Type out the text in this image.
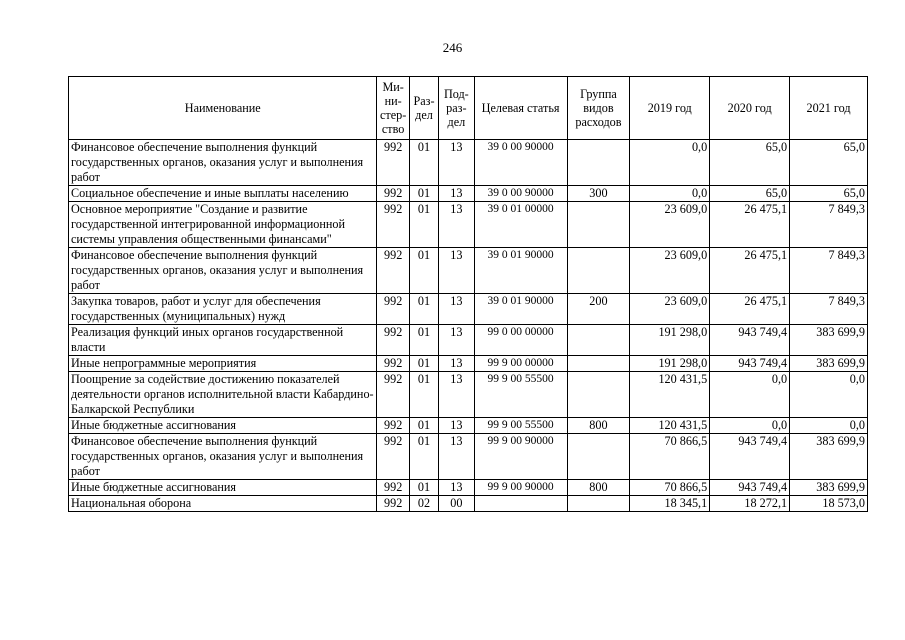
246
Наименование	Ми-ни-стер-ство	Раз-дел	Под-раз-дел	Целевая статья	Группа видов расходов	2019 год	2020 год	2021 год
Финансовое обеспечение выполнения функций государственных органов, оказания услуг и выполнения работ	992	01	13	39 0 00 90000		0,0	65,0	65,0
Социальное обеспечение и иные выплаты населению	992	01	13	39 0 00 90000	300	0,0	65,0	65,0
Основное мероприятие "Создание и развитие государственной интегрированной информационной системы управления общественными финансами"	992	01	13	39 0 01 00000		23 609,0	26 475,1	7 849,3
Финансовое обеспечение выполнения функций государственных органов, оказания услуг и выполнения работ	992	01	13	39 0 01 90000		23 609,0	26 475,1	7 849,3
Закупка товаров, работ и услуг для обеспечения государственных (муниципальных) нужд	992	01	13	39 0 01 90000	200	23 609,0	26 475,1	7 849,3
Реализация функций иных органов государственной власти	992	01	13	99 0 00 00000		191 298,0	943 749,4	383 699,9
Иные непрограммные мероприятия	992	01	13	99 9 00 00000		191 298,0	943 749,4	383 699,9
Поощрение за содействие достижению показателей деятельности органов исполнительной власти Кабардино-Балкарской Республики	992	01	13	99 9 00 55500		120 431,5	0,0	0,0
Иные бюджетные ассигнования	992	01	13	99 9 00 55500	800	120 431,5	0,0	0,0
Финансовое обеспечение выполнения функций государственных органов, оказания услуг и выполнения работ	992	01	13	99 9 00 90000		70 866,5	943 749,4	383 699,9
Иные бюджетные ассигнования	992	01	13	99 9 00 90000	800	70 866,5	943 749,4	383 699,9
Национальная оборона	992	02	00			18 345,1	18 272,1	18 573,0
